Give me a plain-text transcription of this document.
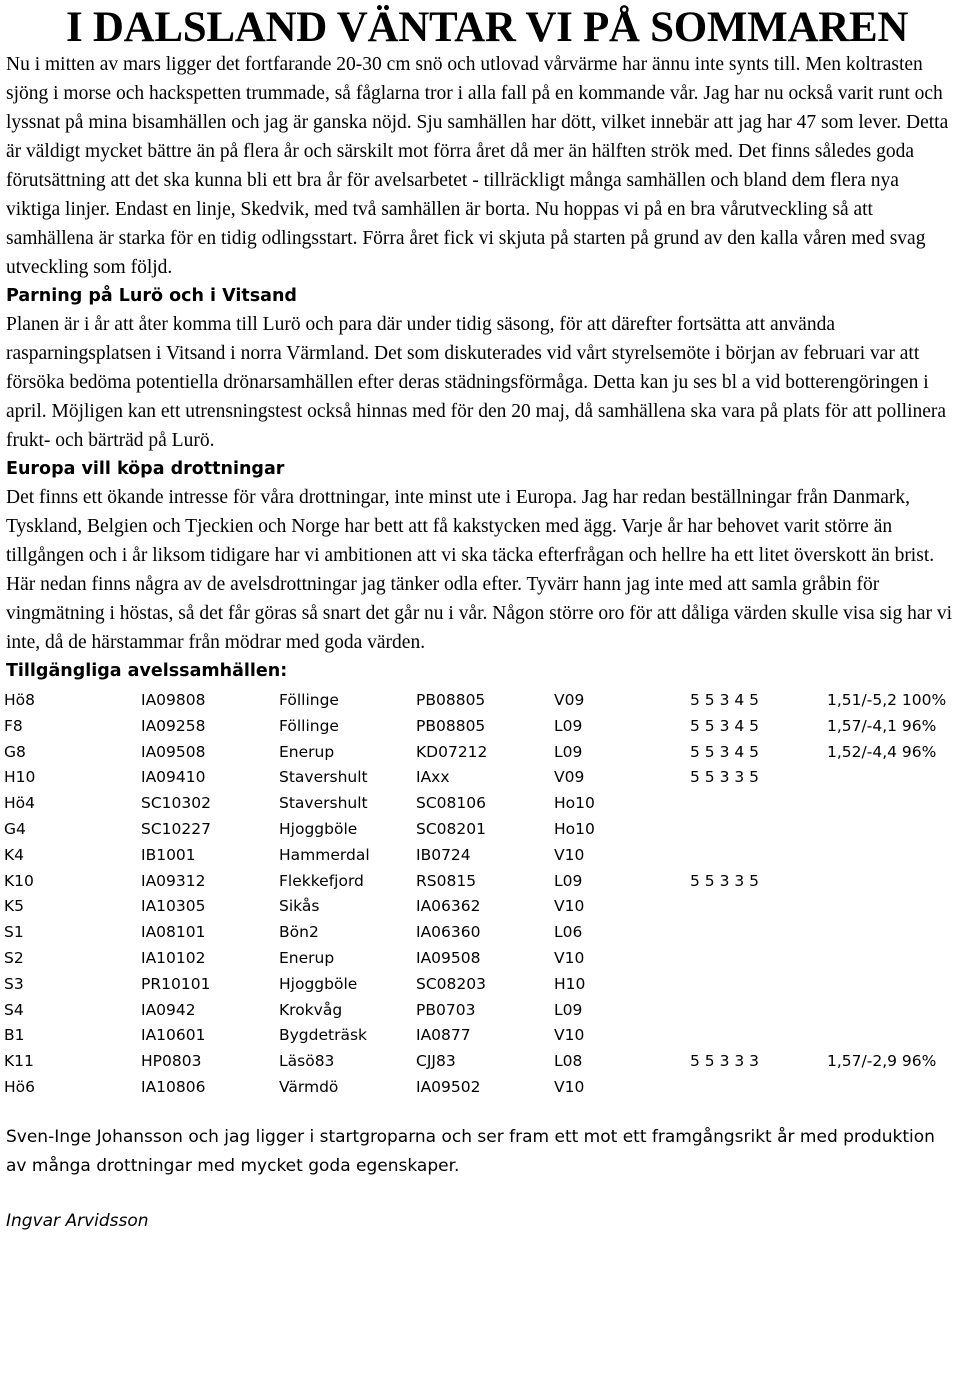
I DALSLAND VÄNTAR VI PÅ SOMMAREN

Nu i mitten av mars ligger det fortfarande 20-30 cm snö och utlovad vårvärme har ännu inte synts till. Men koltrasten sjöng i morse och hackspetten trummade, så fåglarna tror i alla fall på en kommande vår. Jag har nu också varit runt och lyssnat på mina bisamhällen och jag är ganska nöjd. Sju samhällen har dött, vilket innebär att jag har 47 som lever. Detta är väldigt mycket bättre än på flera år och särskilt mot förra året då mer än hälften strök med. Det finns således goda förutsättning att det ska kunna bli ett bra år för avelsarbetet - tillräckligt många samhällen och bland dem flera nya viktiga linjer. Endast en linje, Skedvik, med två samhällen är borta. Nu hoppas vi på en bra vårutveckling så att samhällena är starka för en tidig odlingsstart. Förra året fick vi skjuta på starten på grund av den kalla våren med svag utveckling som följd.

Parning på Lurö och i Vitsand

Planen är i år att åter komma till Lurö och para där under tidig säsong, för att därefter fortsätta att använda rasparningsplatsen i Vitsand i norra Värmland. Det som diskuterades vid vårt styrelsemöte i början av februari var att försöka bedöma potentiella drönarsamhällen efter deras städningsförmåga. Detta kan ju ses bl a vid botterengöringen i april. Möjligen kan ett utrensningstest också hinnas med för den 20 maj, då samhällena ska vara på plats för att pollinera frukt- och bärträd på Lurö.

Europa vill köpa drottningar

Det finns ett ökande intresse för våra drottningar, inte minst ute i Europa. Jag har redan beställningar från Danmark, Tyskland, Belgien och Tjeckien och Norge har bett att få kakstycken med ägg. Varje år har behovet varit större än tillgången och i år liksom tidigare har vi ambitionen att vi ska täcka efterfrågan och hellre ha ett litet överskott än brist. Här nedan finns några av de avelsdrottningar jag tänker odla efter. Tyvärr hann jag inte med att samla gråbin för vingmätning i höstas, så det får göras så snart det går nu i vår. Någon större oro för att dåliga värden skulle visa sig har vi inte, då de härstammar från mödrar med goda värden.

Tillgängliga avelssamhällen:
Hö8	IA09808	Föllinge	PB08805	V09	5 5 3 4 5	1,51/-5,2 100%
F8	IA09258	Föllinge	PB08805	L09	5 5 3 4 5	1,57/-4,1 96%
G8	IA09508	Enerup	KD07212	L09	5 5 3 4 5	1,52/-4,4 96%
H10	IA09410	Stavershult	IAxx	V09	5 5 3 3 5
Hö4	SC10302	Stavershult	SC08106	Ho10
G4	SC10227	Hjoggböle	SC08201	Ho10
K4	IB1001	Hammerdal	IB0724	V10
K10	IA09312	Flekkefjord	RS0815	L09	5 5 3 3 5
K5	IA10305	Sikås	IA06362	V10
S1	IA08101	Bön2	IA06360	L06
S2	IA10102	Enerup	IA09508	V10
S3	PR10101	Hjoggböle	SC08203	H10
S4	IA0942	Krokvåg	PB0703	L09
B1	IA10601	Bygdeträsk	IA0877	V10
K11	HP0803	Läsö83	CJJ83	L08	5 5 3 3 3	1,57/-2,9 96%
Hö6	IA10806	Värmdö	IA09502	V10

Sven-Inge Johansson och jag ligger i startgroparna och ser fram ett mot ett framgångsrikt år med produktion av många drottningar med mycket goda egenskaper.

Ingvar Arvidsson
